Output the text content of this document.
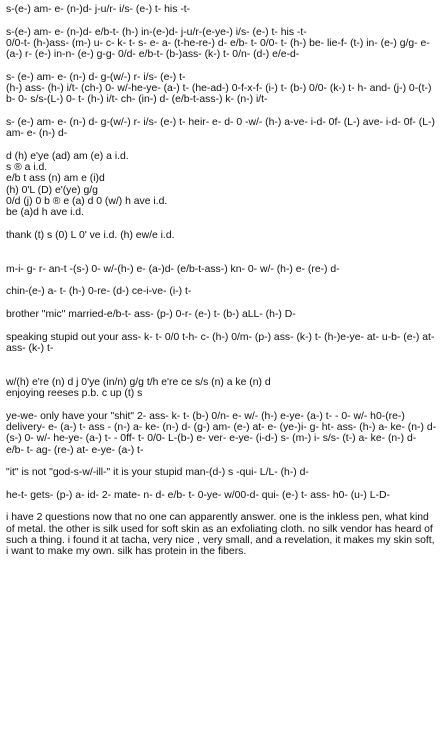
s-(e-) am- e- (n-)d- j-u/r- i/s- (e-) t- his -t-
s-(e-) am- e- (n-)d- e/b-t- (h-) in-(e-)d- j-u/r-(e-ye-) i/s- (e-) t- his -t-
0/0-t- (h-)ass- (m-) u- c- k- t- s- e- a- (t-he-re-) d- e/b- t- 0/0- t- (h-) be- lie-f- (t-) in- (e-) g/g- e- (a-) r- (e-) in-n- (e-) g-g- 0/d- e/b-t- (b-)ass- (k-) t- 0/n- (d-) e/e-d-
s- (e-) am- e- (n-) d- g-(w/-) r- i/s- (e-) t-
(h-) ass- (h-) i/t- (ch-) 0- w/-he-ye- (a-) t- (he-ad-) 0-f-x-f- (i-) t- (b-) 0/0- (k-) t- h- and- (j-) 0-(t-) b- 0- s/s-(L-) 0- t- (h-) i/t- ch- (in-) d- (e/b-t-ass-) k- (n-) i/t-
s- (e-) am- e- (n-) d- g-(w/-) r- i/s- (e-) t- heir- e- d- 0 -w/- (h-) a-ve- i-d- 0f- (L-) ave- i-d- 0f- (L-) am- e- (n-) d-
d (h) e'ye (ad) am (e) a i.d.
s ® a i.d.
e/b t ass (n) am e (i)d
(h) 0'L (D) e'(ye) g/g
0/d (j) 0 b ® e (a) d 0 (w/) h ave i.d.
be (a)d h ave i.d.
thank (t) s (0) L 0' ve i.d. (h) ew/e i.d.
m-i- g- r- an-t -(s-) 0- w/-(h-) e- (a-)d- (e/b-t-ass-) kn- 0- w/- (h-) e- (re-) d-
chin-(e-) a- t- (h-) 0-re- (d-) ce-i-ve- (i-) t-
brother "mic" married-e/b-t- ass- (p-) 0-r- (e-) t- (b-) aLL- (h-) D-
speaking stupid out your ass- k- t- 0/0 t-h- c- (h-) 0/m- (p-) ass- (k-) t- (h-)e-ye- at- u-b- (e-) at- ass- (k-) t-
w/(h) e're (n) d j 0'ye (in/n) g/g t/h e're ce s/s (n) a ke (n) d
enjoying reeses p.b. c up (t) s
ye-we- only have your "shit" 2- ass- k- t- (b-) 0/n- e- w/- (h-) e-ye- (a-) t- - 0- w/- h0-(re-) delivery- e- (a-) t- ass - (n-) a- ke- (n-) d- (g-) am- (e-) at- e- (ye-)i- g- ht- ass- (h-) a- ke- (n-) d- (s-) 0- w/- he-ye- (a-) t- - 0ff- t- 0/0- L-(b-) e- ver- e-ye- (i-d-) s- (m-) i- s/s- (t-) a- ke- (n-) d- e/b- t- ag- (re-) at- e-ye- (a-) t-
"it" is not "god-s-w/-ill-" it is your stupid man-(d-) s -qui- L/L- (h-) d-
he-t- gets- (p-) a- id- 2- mate- n- d- e/b- t- 0-ye- w/00-d- qui- (e-) t- ass- h0- (u-) L-D-
i have 2 questions now that no one can apparently answer. one is the inkless pen, what kind of metal. the other is silk used for soft skin as an exfoliating cloth. no silk vendor has heard of such a thing. i found it at tacha, very nice , very small, and a revelation, it makes my skin soft, i want to make my own. silk has protein in the fibers.
